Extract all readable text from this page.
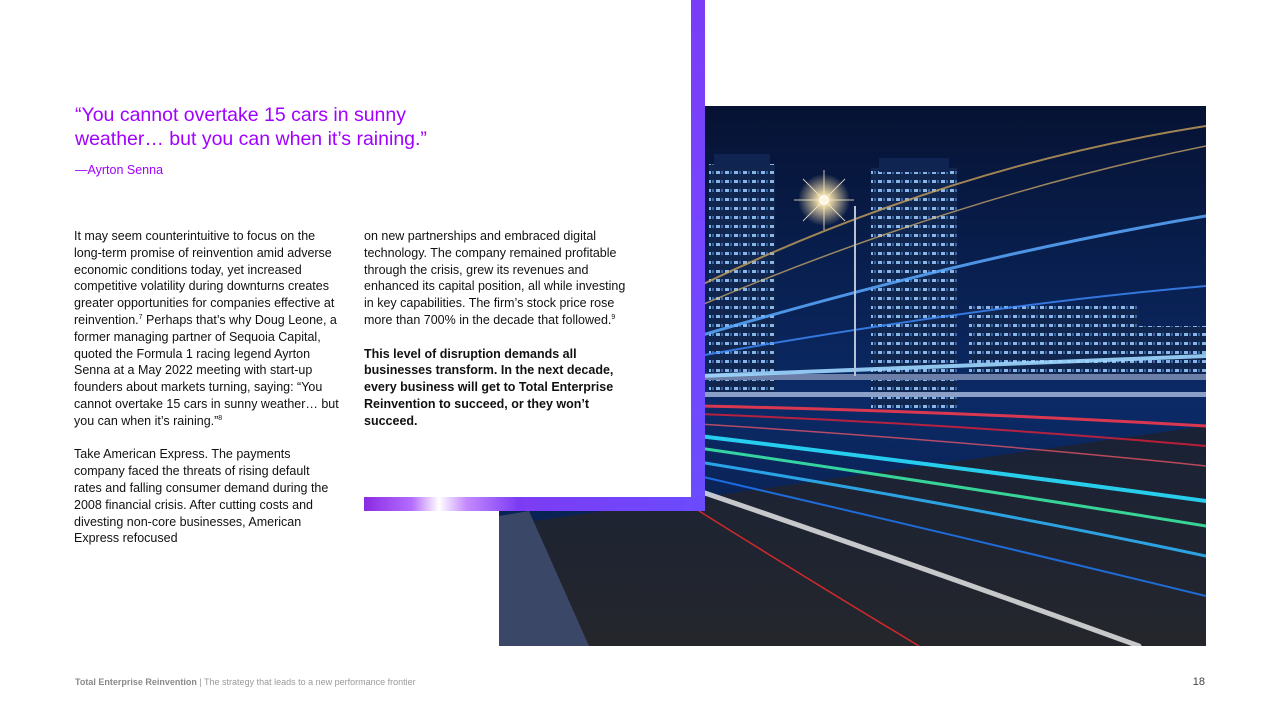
“You cannot overtake 15 cars in sunny weather… but you can when it’s raining.”

—Ayrton Senna

It may seem counterintuitive to focus on the long-term promise of reinvention amid adverse economic conditions today, yet increased competitive volatility during downturns creates greater opportunities for companies effective at reinvention.$^7$ Perhaps that’s why Doug Leone, a former managing partner of Sequoia Capital, quoted the Formula 1 racing legend Ayrton Senna at a May 2022 meeting with start-up founders about markets turning, saying: “You cannot overtake 15 cars in sunny weather… but you can when it’s raining.”$^8$

Take American Express. The payments company faced the threats of rising default rates and falling consumer demand during the 2008 financial crisis. After cutting costs and divesting non-core businesses, American Express refocused

on new partnerships and embraced digital technology. The company remained profitable through the crisis, grew its revenues and enhanced its capital position, all while investing in key capabilities. The firm’s stock price rose more than 700% in the decade that followed.$^9$

This level of disruption demands all businesses transform. In the next decade, every business will get to Total Enterprise Reinvention to succeed, or they won’t succeed.

Total Enterprise Reinvention | The strategy that leads to a new performance frontier	18
